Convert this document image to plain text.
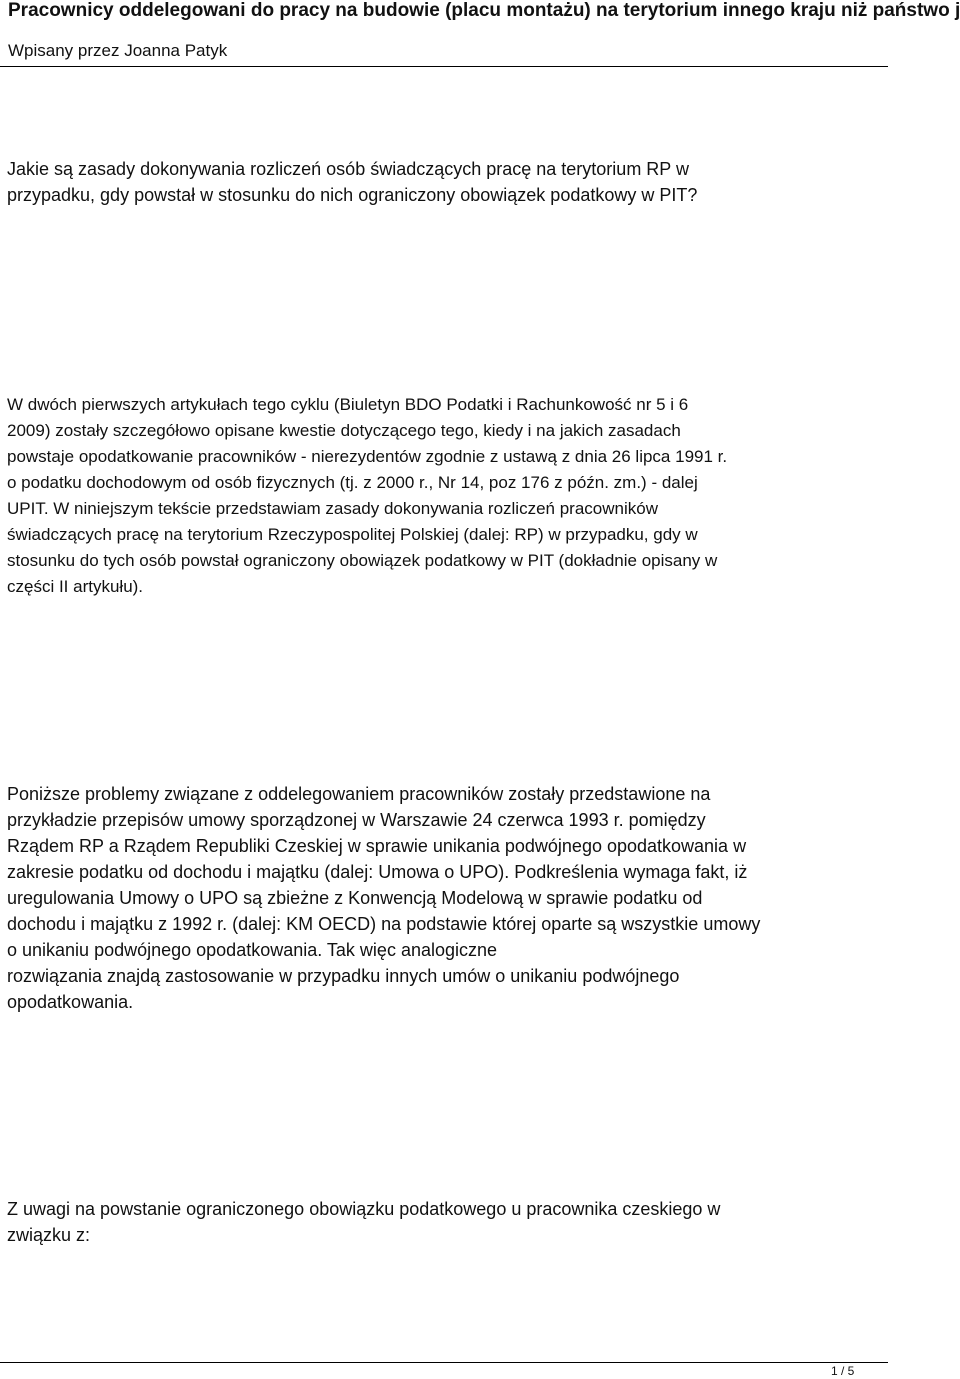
Pracownicy oddelegowani do pracy na budowie (placu montażu) na terytorium innego kraju niż państwo j
Wpisany przez Joanna Patyk
Jakie są zasady dokonywania rozliczeń osób świadczących pracę na terytorium RP w
przypadku, gdy powstał w stosunku do nich ograniczony obowiązek podatkowy w PIT?
W dwóch pierwszych artykułach tego cyklu (Biuletyn BDO Podatki i Rachunkowość nr 5 i 6
2009) zostały szczegółowo opisane kwestie dotyczącego tego, kiedy i na jakich zasadach
powstaje opodatkowanie pracowników - nierezydentów zgodnie z ustawą z dnia 26 lipca 1991 r.
o podatku dochodowym od osób fizycznych (tj. z 2000 r., Nr 14, poz 176 z późn. zm.) - dalej
UPIT. W niniejszym tekście przedstawiam zasady dokonywania rozliczeń pracowników
świadczących pracę na terytorium Rzeczypospolitej Polskiej (dalej: RP) w przypadku, gdy w
stosunku do tych osób powstał ograniczony obowiązek podatkowy w PIT (dokładnie opisany w
części II artykułu).
Poniższe problemy związane z oddelegowaniem pracowników zostały przedstawione na
przykładzie przepisów umowy sporządzonej w Warszawie 24 czerwca 1993 r. pomiędzy
Rządem RP a Rządem Republiki Czeskiej w sprawie unikania podwójnego opodatkowania w
zakresie podatku od dochodu i majątku (dalej: Umowa o UPO). Podkreślenia wymaga fakt, iż
uregulowania Umowy o UPO są zbieżne z Konwencją Modelową w sprawie podatku od
dochodu i majątku z 1992 r. (dalej: KM OECD) na podstawie której oparte są wszystkie umowy
o unikaniu podwójnego opodatkowania. Tak więc analogiczne
rozwiązania znajdą zastosowanie w przypadku innych umów o unikaniu podwójnego
opodatkowania.
Z uwagi na powstanie ograniczonego obowiązku podatkowego u pracownika czeskiego w
związku z:
1 / 5
